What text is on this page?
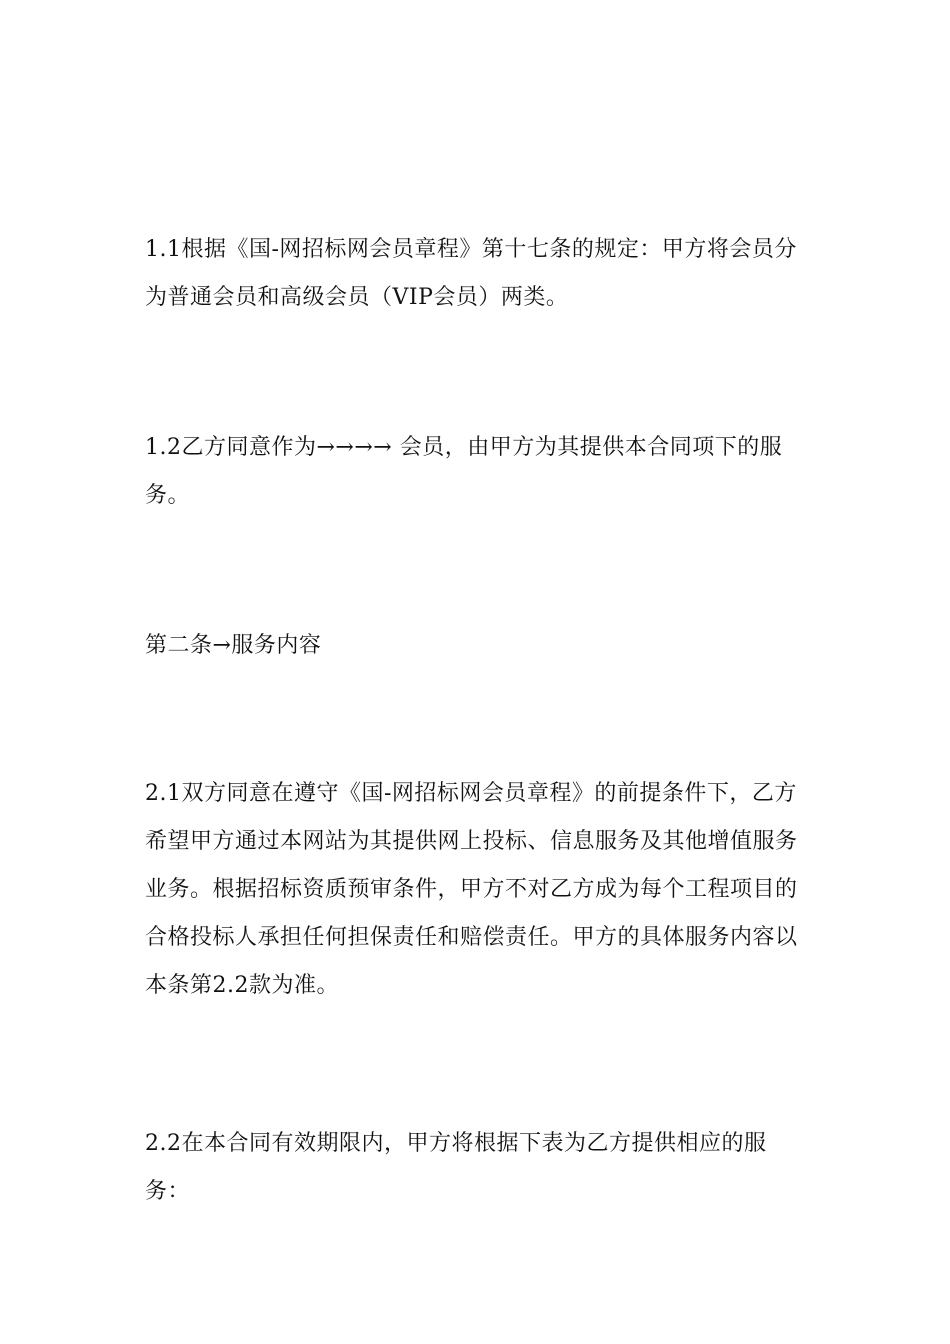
1.1根据《国-网招标网会员章程》第十七条的规定：甲方将会员分为普通会员和高级会员（VIP会员）两类。

1.2乙方同意作为→→→→ 会员，由甲方为其提供本合同项下的服务。

第二条→服务内容

2.1双方同意在遵守《国-网招标网会员章程》的前提条件下，乙方希望甲方通过本网站为其提供网上投标、信息服务及其他增值服务业务。根据招标资质预审条件，甲方不对乙方成为每个工程项目的合格投标人承担任何担保责任和赔偿责任。甲方的具体服务内容以本条第2.2款为准。

2.2在本合同有效期限内，甲方将根据下表为乙方提供相应的服务：
